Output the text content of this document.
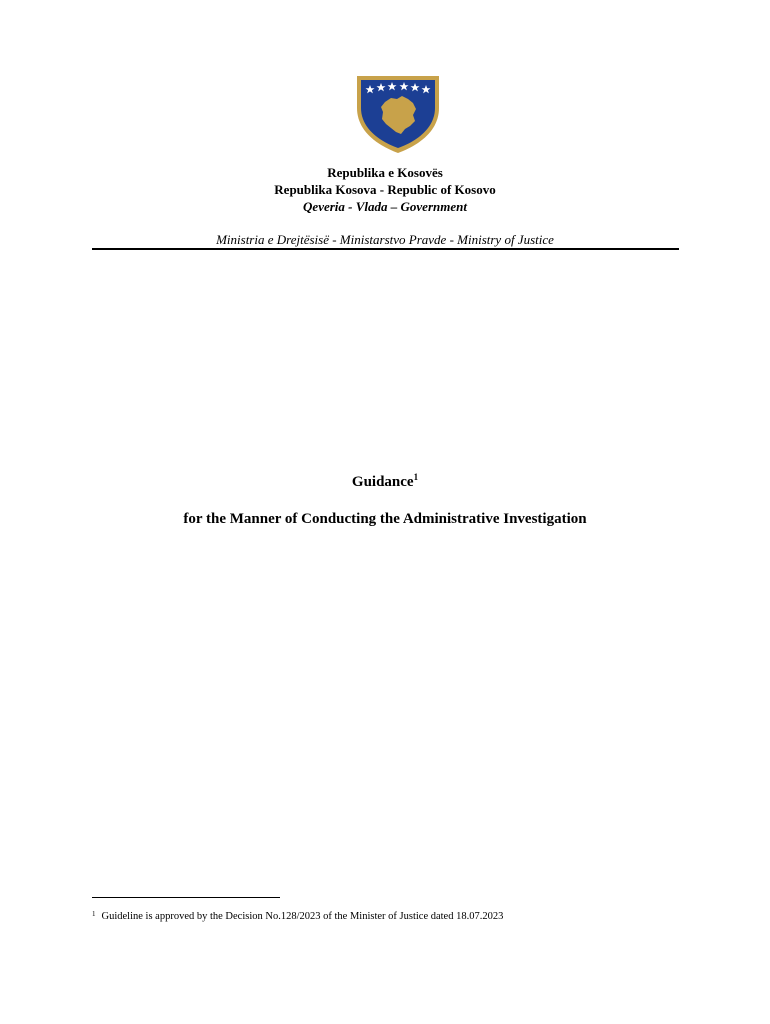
Republika e Kosovës
Republika Kosova - Republic of Kosovo
Qeveria - Vlada – Government
Ministria e Drejtësisë - Ministarstvo Pravde - Ministry of Justice
Guidance$^1$
for the Manner of Conducting the Administrative Investigation
$^1$ Guideline is approved by the Decision No.128/2023 of the Minister of Justice dated 18.07.2023
